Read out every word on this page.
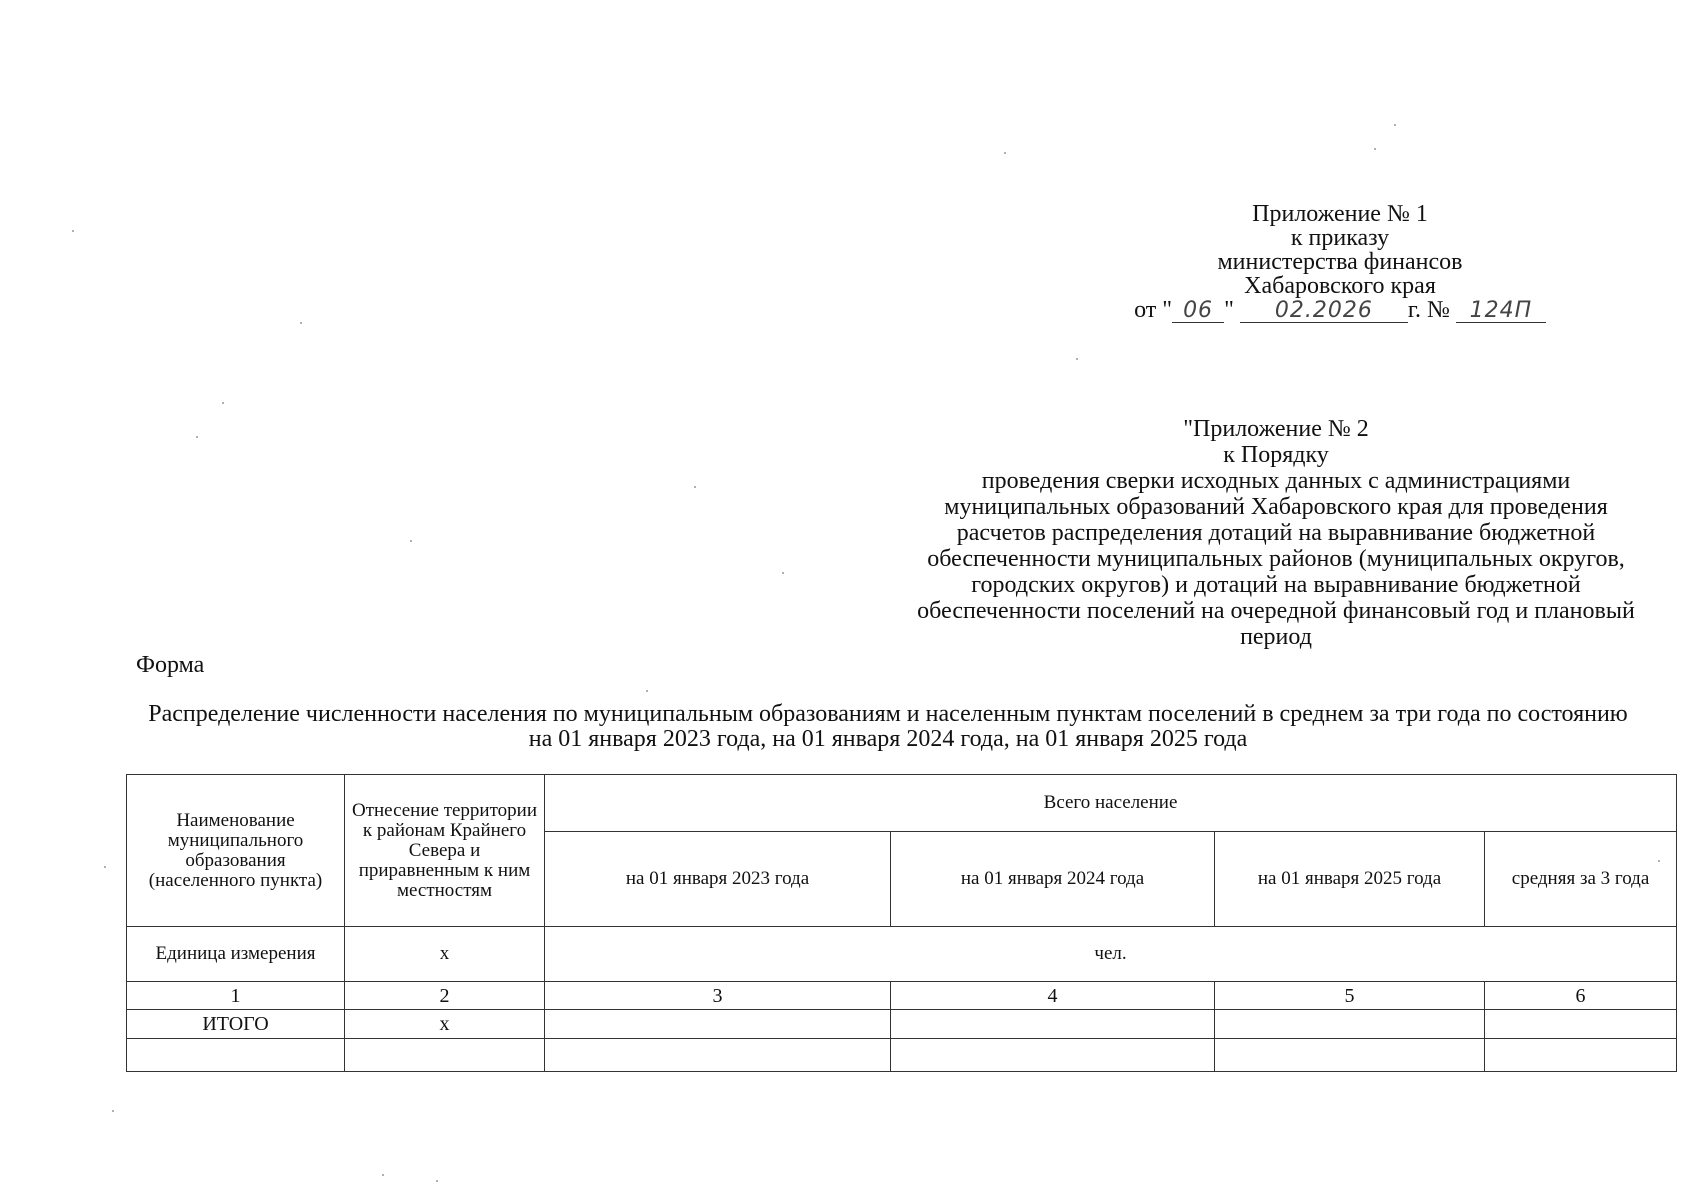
Приложение № 1
к приказу
министерства финансов
Хабаровского края
от " 06 " 02.2026 г. № 124П
"Приложение № 2
к Порядку
проведения сверки исходных данных с администрациями муниципальных образований Хабаровского края для проведения расчетов распределения дотаций на выравнивание бюджетной обеспеченности муниципальных районов (муниципальных округов, городских округов) и дотаций на выравнивание бюджетной обеспеченности поселений на очередной финансовый год и плановый период
Форма
Распределение численности населения по муниципальным образованиям и населенным пунктам поселений в среднем за три года по состоянию на 01 января 2023 года, на 01 января 2024 года, на 01 января 2025 года
Наименование муниципального образования (населенного пункта)	Отнесение территории к районам Крайнего Севера и приравненным к ним местностям	Всего население			
		на 01 января 2023 года	на 01 января 2024 года	на 01 января 2025 года	средняя за 3 года
Единица измерения	х	чел.			
1	2	3	4	5	6
ИТОГО	х				
